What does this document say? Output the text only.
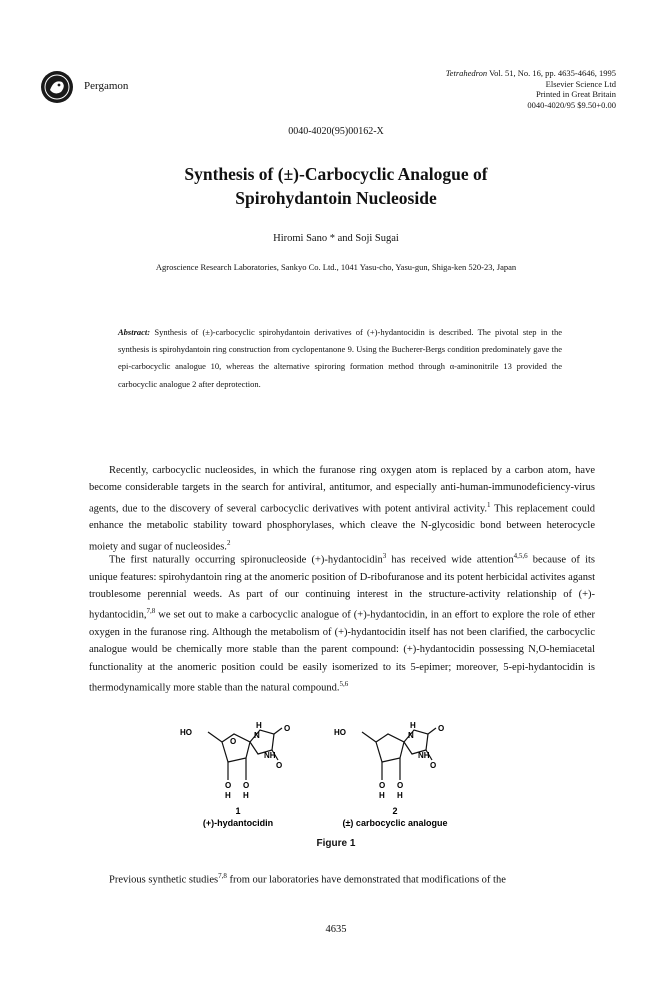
Pergamon
Tetrahedron Vol. 51, No. 16, pp. 4635-4646, 1995
Elsevier Science Ltd
Printed in Great Britain
0040-4020/95 $9.50+0.00
0040-4020(95)00162-X
Synthesis of (±)-Carbocyclic Analogue of
Spirohydantoin Nucleoside
Hiromi Sano * and Soji Sugai
Agroscience Research Laboratories, Sankyo Co. Ltd., 1041 Yasu-cho, Yasu-gun, Shiga-ken 520-23, Japan
Abstract: Synthesis of (±)-carbocyclic spirohydantoin derivatives of (+)-hydantocidin is described. The pivotal step in the synthesis is spirohydantoin ring construction from cyclopentanone 9. Using the Bucherer-Bergs condition predominately gave the epi-carbocyclic analogue 10, whereas the alternative spiroring formation method through α-aminonitrile 13 provided the carbocyclic analogue 2 after deprotection.
Recently, carbocyclic nucleosides, in which the furanose ring oxygen atom is replaced by a carbon atom, have become considerable targets in the search for antiviral, antitumor, and especially anti-human-immunodeficiency-virus agents, due to the discovery of several carbocyclic derivatives with potent antiviral activity.$^1$ This replacement could enhance the metabolic stability toward phosphorylases, which cleave the N-glycosidic bond between heterocycle moiety and sugar of nucleosides.$^2$
The first naturally occurring spironucleoside (+)-hydantocidin$^3$ has received wide attention$^{4,5,6}$ because of its unique features: spirohydantoin ring at the anomeric position of D-ribofuranose and its potent herbicidal activites aganst troublesome perennial weeds. As part of our continuing interest in the structure-activity relationship of (+)-hydantocidin,$^{7,8}$ we set out to make a carbocyclic analogue of (+)-hydantocidin, in an effort to explore the role of ether oxygen in the furanose ring. Although the metabolism of (+)-hydantocidin itself has not been clarified, the carbocyclic analogue would be chemically more stable than the parent compound: (+)-hydantocidin possessing N,O-hemiacetal functionality at the anomeric position could be easily isomerized to its 5-epimer; moreover, 5-epi-hydantocidin is thermodynamically more stable than the natural compound.$^{5,6}$
HO
O
H
N
O
NH
O
O O
H H
HO
H
N
O
NH
O
O O
H H
1
(+)-hydantocidin
2
(±) carbocyclic analogue
Figure 1
Previous synthetic studies$^{7,8}$ from our laboratories have demonstrated that modifications of the
4635
